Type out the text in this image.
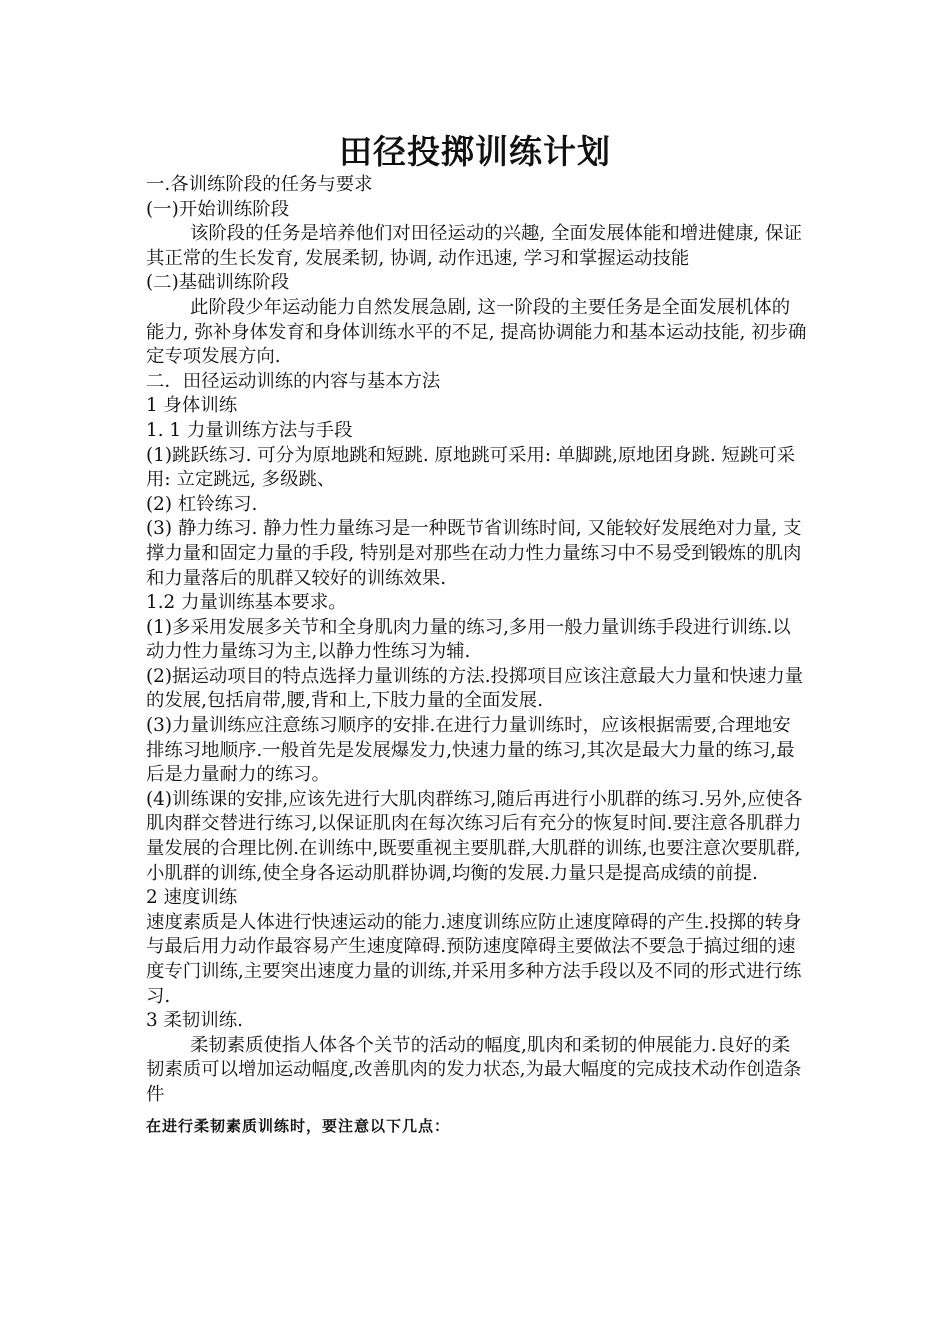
田径投掷训练计划

一.各训练阶段的任务与要求

(一)开始训练阶段

该阶段的任务是培养他们对田径运动的兴趣, 全面发展体能和增进健康, 保证其正常的生长发育, 发展柔韧, 协调, 动作迅速, 学习和掌握运动技能

(二)基础训练阶段

此阶段少年运动能力自然发展急剧, 这一阶段的主要任务是全面发展机体的能力, 弥补身体发育和身体训练水平的不足, 提高协调能力和基本运动技能, 初步确定专项发展方向.

二．田径运动训练的内容与基本方法

1 身体训练

1. 1 力量训练方法与手段

(1)跳跃练习. 可分为原地跳和短跳. 原地跳可采用: 单脚跳,原地团身跳. 短跳可采用: 立定跳远, 多级跳、

(2) 杠铃练习.

(3) 静力练习. 静力性力量练习是一种既节省训练时间, 又能较好发展绝对力量, 支撑力量和固定力量的手段, 特别是对那些在动力性力量练习中不易受到锻炼的肌肉和力量落后的肌群又较好的训练效果.

1.2 力量训练基本要求。

(1)多采用发展多关节和全身肌肉力量的练习,多用一般力量训练手段进行训练.以动力性力量练习为主,以静力性练习为辅.

(2)据运动项目的特点选择力量训练的方法.投掷项目应该注意最大力量和快速力量的发展,包括肩带,腰,背和上,下肢力量的全面发展.

(3)力量训练应注意练习顺序的安排.在进行力量训练时，应该根据需要,合理地安排练习地顺序.一般首先是发展爆发力,快速力量的练习,其次是最大力量的练习,最后是力量耐力的练习。

(4)训练课的安排,应该先进行大肌肉群练习,随后再进行小肌群的练习.另外,应使各肌肉群交替进行练习,以保证肌肉在每次练习后有充分的恢复时间.要注意各肌群力量发展的合理比例.在训练中,既要重视主要肌群,大肌群的训练,也要注意次要肌群,小肌群的训练,使全身各运动肌群协调,均衡的发展.力量只是提高成绩的前提.

2 速度训练

速度素质是人体进行快速运动的能力.速度训练应防止速度障碍的产生.投掷的转身与最后用力动作最容易产生速度障碍.预防速度障碍主要做法不要急于搞过细的速度专门训练,主要突出速度力量的训练,并采用多种方法手段以及不同的形式进行练习.

3 柔韧训练.

柔韧素质使指人体各个关节的活动的幅度,肌肉和柔韧的伸展能力.良好的柔韧素质可以增加运动幅度,改善肌肉的发力状态,为最大幅度的完成技术动作创造条件

在进行柔韧素质训练时，要注意以下几点：
